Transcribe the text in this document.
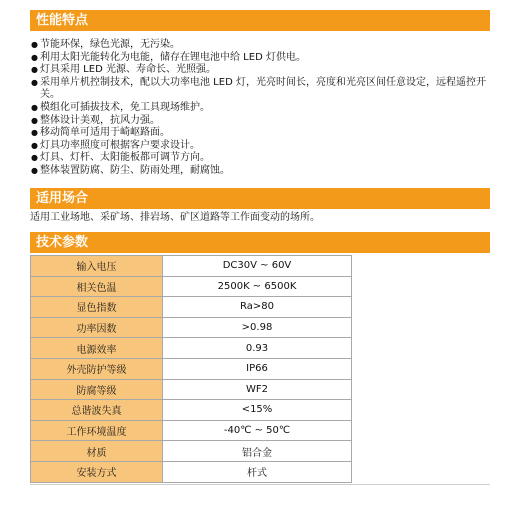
性能特点
● 节能环保，绿色光源，无污染。
● 利用太阳光能转化为电能，储存在锂电池中给 LED 灯供电。
● 灯具采用 LED 光源、寿命长、光照强。
● 采用单片机控制技术，配以大功率电池 LED 灯，光亮时间长，亮度和光亮区间任意设定，远程遥控开关。
● 模组化可插拔技术，免工具现场维护。
● 整体设计美观，抗风力强。
● 移动简单可适用于崎岖路面。
● 灯具功率照度可根据客户要求设计。
● 灯具、灯杆、太阳能板都可调节方向。
● 整体装置防腐、防尘、防雨处理，耐腐蚀。
适用场合
适用工业场地、采矿场、排岩场、矿区道路等工作面变动的场所。
技术参数
输入电压	DC30V ~ 60V
相关色温	2500K ~ 6500K
显色指数	Ra>80
功率因数	>0.98
电源效率	0.93
外壳防护等级	IP66
防腐等级	WF2
总谐波失真	<15%
工作环境温度	-40℃ ~ 50℃
材质	铝合金
安装方式	杆式
